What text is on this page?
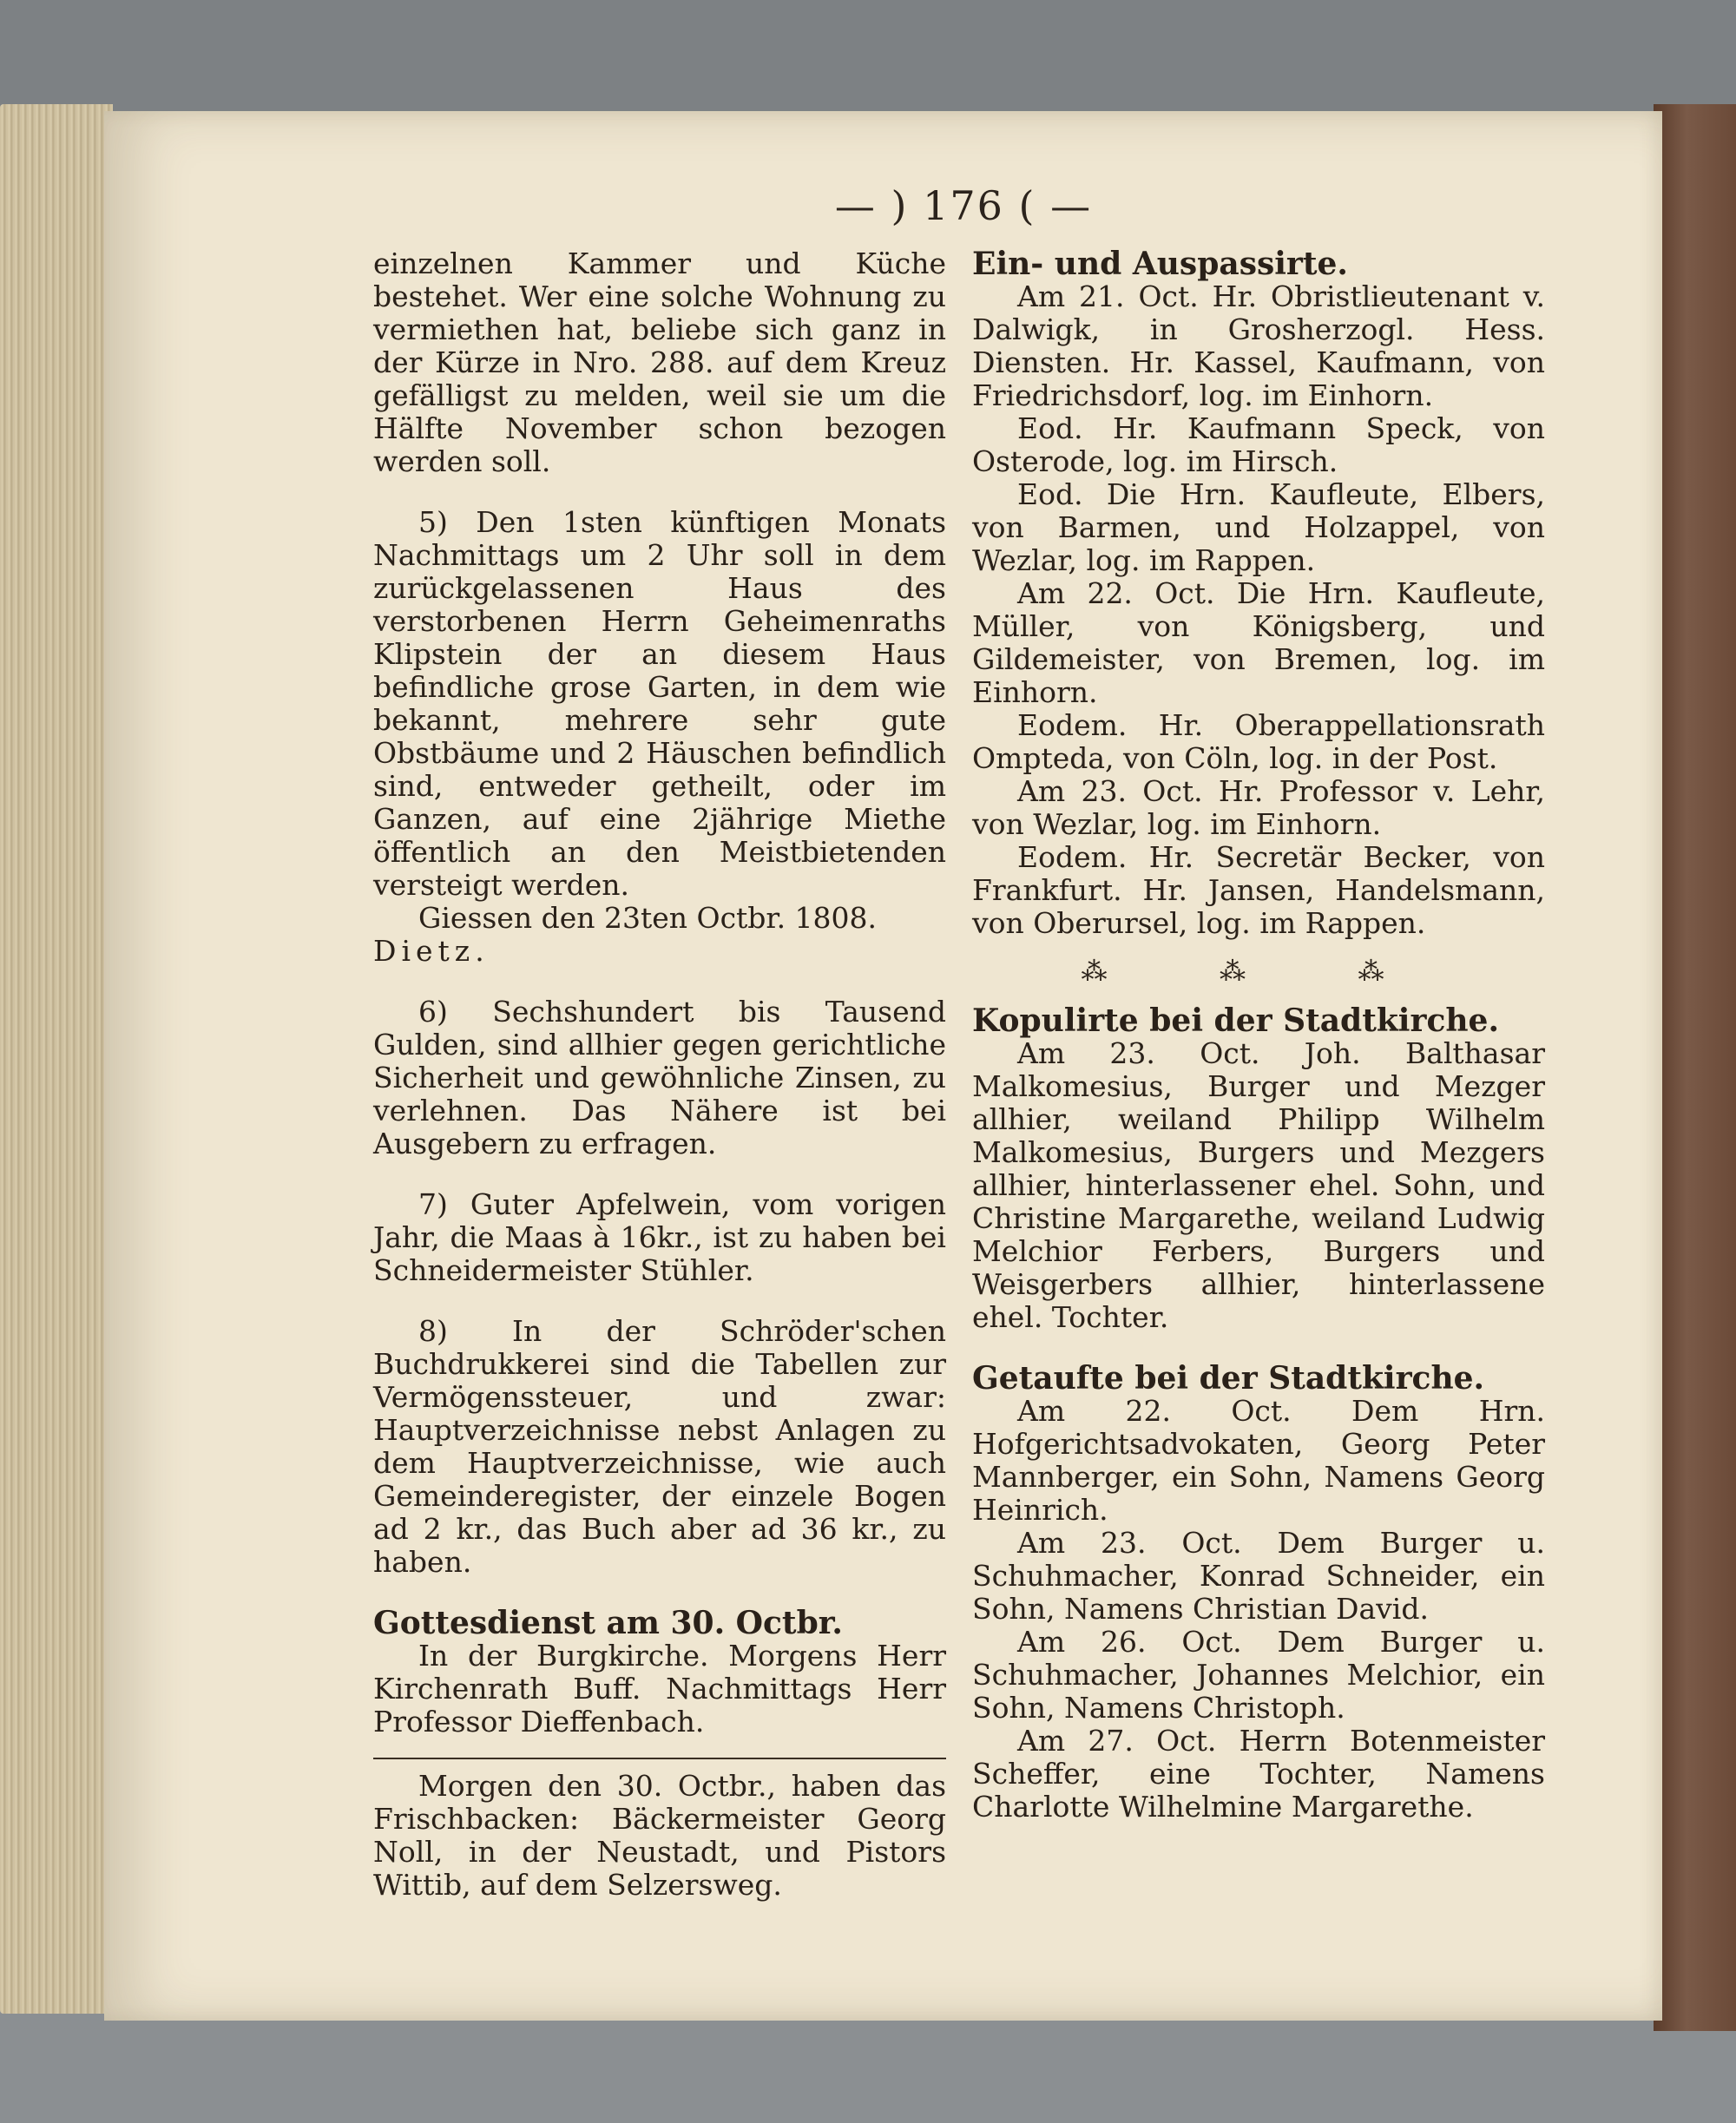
— ) 176 ( —

einzelnen Kammer und Küche bestehet. Wer eine solche Wohnung zu vermiethen hat, beliebe sich ganz in der Kürze in Nro. 288. auf dem Kreuz gefälligst zu melden, weil sie um die Hälfte November schon bezogen werden soll.

5) Den 1sten künftigen Monats Nachmittags um 2 Uhr soll in dem zurückgelassenen Haus des verstorbenen Herrn Geheimenraths Klipstein der an diesem Haus befindliche grose Garten, in dem wie bekannt, mehrere sehr gute Obstbäume und 2 Häuschen befindlich sind, entweder getheilt, oder im Ganzen, auf eine 2jährige Miethe öffentlich an den Meistbietenden versteigt werden.

Giessen den 23ten Octbr. 1808.

Dietz.

6) Sechshundert bis Tausend Gulden, sind allhier gegen gerichtliche Sicherheit und gewöhnliche Zinsen, zu verlehnen. Das Nähere ist bei Ausgebern zu erfragen.

7) Guter Apfelwein, vom vorigen Jahr, die Maas à 16kr., ist zu haben bei Schneidermeister Stühler.

8) In der Schröder'schen Buchdrukkerei sind die Tabellen zur Vermögenssteuer, und zwar: Hauptverzeichnisse nebst Anlagen zu dem Hauptverzeichnisse, wie auch Gemeinderegister, der einzele Bogen ad 2 kr., das Buch aber ad 36 kr., zu haben.

Gottesdienst am 30. Octbr.

In der Burgkirche. Morgens Herr Kirchenrath Buff. Nachmittags Herr Professor Dieffenbach.

Morgen den 30. Octbr., haben das Frischbacken: Bäckermeister Georg Noll, in der Neustadt, und Pistors Wittib, auf dem Selzersweg.

Ein- und Auspassirte.

Am 21. Oct. Hr. Obristlieutenant v. Dalwigk, in Grosherzogl. Hess. Diensten. Hr. Kassel, Kaufmann, von Friedrichsdorf, log. im Einhorn.

Eod. Hr. Kaufmann Speck, von Osterode, log. im Hirsch.

Eod. Die Hrn. Kaufleute, Elbers, von Barmen, und Holzappel, von Wezlar, log. im Rappen.

Am 22. Oct. Die Hrn. Kaufleute, Müller, von Königsberg, und Gildemeister, von Bremen, log. im Einhorn.

Eodem. Hr. Oberappellationsrath Ompteda, von Cöln, log. in der Post.

Am 23. Oct. Hr. Professor v. Lehr, von Wezlar, log. im Einhorn.

Eodem. Hr. Secretär Becker, von Frankfurt. Hr. Jansen, Handelsmann, von Oberursel, log. im Rappen.

⁂ ⁂ ⁂

Kopulirte bei der Stadtkirche.

Am 23. Oct. Joh. Balthasar Malkomesius, Burger und Mezger allhier, weiland Philipp Wilhelm Malkomesius, Burgers und Mezgers allhier, hinterlassener ehel. Sohn, und Christine Margarethe, weiland Ludwig Melchior Ferbers, Burgers und Weisgerbers allhier, hinterlassene ehel. Tochter.

Getaufte bei der Stadtkirche.

Am 22. Oct. Dem Hrn. Hofgerichtsadvokaten, Georg Peter Mannberger, ein Sohn, Namens Georg Heinrich.

Am 23. Oct. Dem Burger u. Schuhmacher, Konrad Schneider, ein Sohn, Namens Christian David.

Am 26. Oct. Dem Burger u. Schuhmacher, Johannes Melchior, ein Sohn, Namens Christoph.

Am 27. Oct. Herrn Botenmeister Scheffer, eine Tochter, Namens Charlotte Wilhelmine Margarethe.
